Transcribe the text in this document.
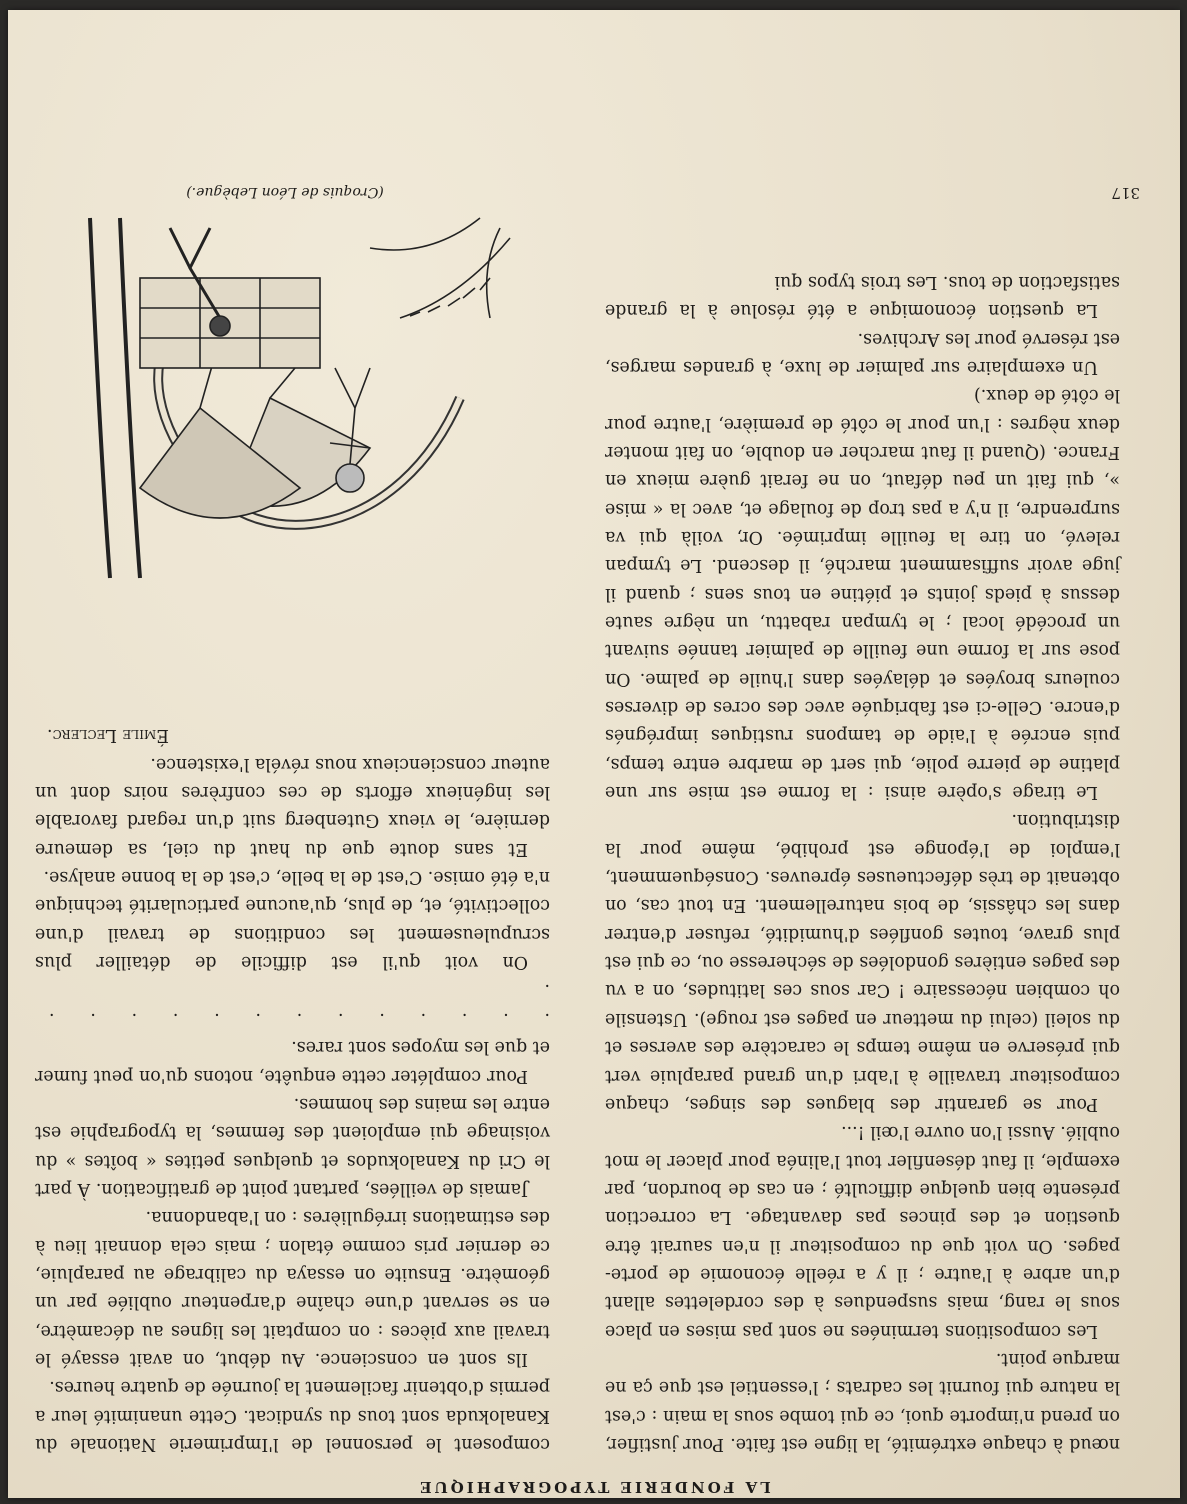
LA FONDERIE TYPOGRAPHIQUE

nœud à chaque extrémité, la ligne est faite. Pour justifier, on prend n'importe quoi, ce qui tombe sous la main : c'est la nature qui fournit les cadrats ; l'essentiel est que ça ne marque point.

Les compositions terminées ne sont pas mises en place sous le rang, mais suspendues à des cordelettes allant d'un arbre à l'autre ; il y a réelle économie de porte-pages. On voit que du compositeur il n'en saurait être question et des pinces pas davantage. La correction présente bien quelque difficulté ; en cas de bourdon, par exemple, il faut désenfiler tout l'alinéa pour placer le mot oublié. Aussi l'on ouvre l'œil !...

Pour se garantir des blagues des singes, chaque compositeur travaille à l'abri d'un grand parapluie vert qui préserve en même temps le caractère des averses et du soleil (celui du metteur en pages est rouge). Ustensile oh combien nécessaire ! Car sous ces latitudes, on a vu des pages entières gondolées de sécheresse ou, ce qui est plus grave, toutes gonflées d'humidité, refuser d'entrer dans les châssis, de bois naturellement. En tout cas, on obtenait de très défectueuses épreuves. Conséquemment, l'emploi de l'éponge est prohibé, même pour la distribution.

Le tirage s'opère ainsi : la forme est mise sur une platine de pierre polie, qui sert de marbre entre temps, puis encrée à l'aide de tampons rustiques imprégnés d'encre. Celle-ci est fabriquée avec des ocres de diverses couleurs broyées et délayées dans l'huile de palme. On pose sur la forme une feuille de palmier tannée suivant un procédé local ; le tympan rabattu, un nègre saute dessus à pieds joints et piétine en tous sens ; quand il juge avoir suffisamment marché, il descend. Le tympan relevé, on tire la feuille imprimée. Or, voilà qui va surprendre, il n'y a pas trop de foulage et, avec la « mise », qui fait un peu défaut, on ne ferait guère mieux en France. (Quand il faut marcher en double, on fait monter deux nègres : l'un pour le côté de première, l'autre pour le côté de deux.)

Un exemplaire sur palmier de luxe, à grandes marges, est réservé pour les Archives.

La question économique a été résolue à la grande satisfaction de tous. Les trois typos qui

composent le personnel de l'Imprimerie Nationale du Kanalokuda sont tous du syndicat. Cette unanimité leur a permis d'obtenir facilement la journée de quatre heures.

Ils sont en conscience. Au début, on avait essayé le travail aux pièces : on comptait les lignes au décamètre, en se servant d'une chaîne d'arpenteur oubliée par un géomètre. Ensuite on essaya du calibrage au parapluie, ce dernier pris comme étalon ; mais cela donnait lieu à des estimations irrégulières : on l'abandonna.

Jamais de veillées, partant point de gratification. À part le Cri du Kanalokudos et quelques petites « boîtes » du voisinage qui emploient des femmes, la typographie est entre les mains des hommes.

Pour compléter cette enquête, notons qu'on peut fumer et que les myopes sont rares.

. . . . . . . . . . . . . .

On voit qu'il est difficile de détailler plus scrupuleusement les conditions de travail d'une collectivité, et, de plus, qu'aucune particularité technique n'a été omise. C'est de la belle, c'est de la bonne analyse.

Et sans doute que du haut du ciel, sa demeure dernière, le vieux Gutenberg suit d'un regard favorable les ingénieux efforts de ces confrères noirs dont un auteur consciencieux nous révéla l'existence.

Émile Leclerc.

(Croquis de Léon Lebègue.)	317
